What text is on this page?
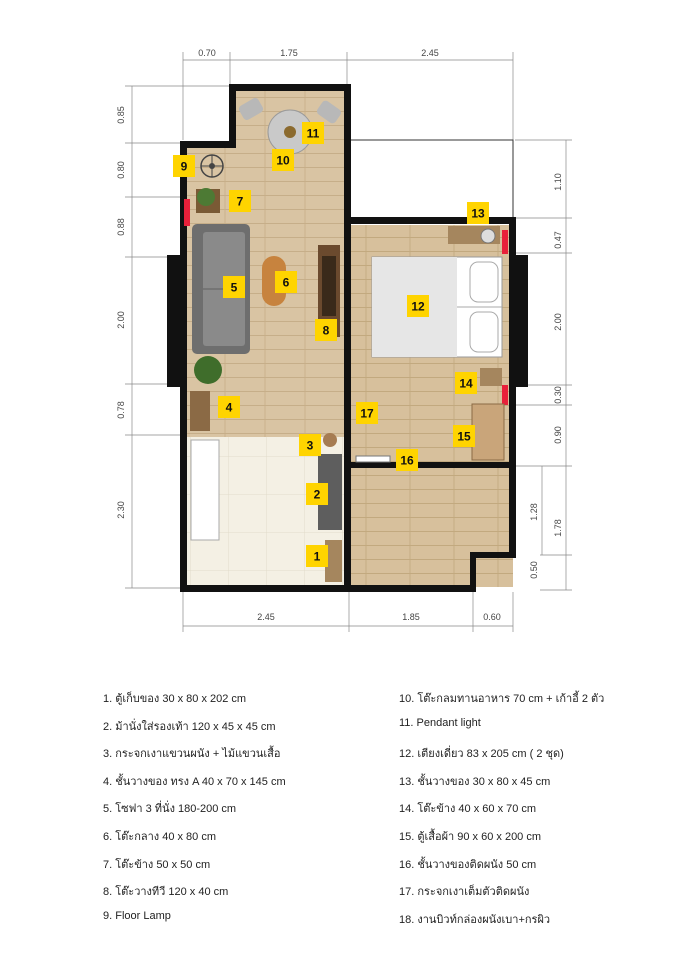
0.70	1.75	2.45
0.85
0.80
0.88
2.00
0.78
2.30
1.10
0.47
2.00
0.30
0.90
1.28
1.78
0.50
2.45	1.85	0.60
1
2
3
4
5	6
7
8
9	10
11
12
13
14
15
16
17
1. ตู้เก็บของ 30 x 80 x 202 cm
2. ม้านั่งใส่รองเท้า 120 x 45 x 45 cm
3. กระจกเงาแขวนผนัง + ไม้แขวนเสื้อ
4. ชั้นวางของ ทรง A 40 x 70 x 145 cm
5. โซฟา 3 ที่นั่ง 180-200 cm
6. โต๊ะกลาง 40 x 80 cm
7. โต๊ะข้าง 50 x 50 cm
8. โต๊ะวางทีวี 120 x 40 cm
9. Floor Lamp
10. โต๊ะกลมทานอาหาร 70 cm + เก้าอี้ 2 ตัว
11. Pendant light
12. เตียงเดี่ยว 83 x 205 cm ( 2 ชุด)
13. ชั้นวางของ 30 x 80 x 45 cm
14. โต๊ะข้าง 40 x 60 x 70 cm
15. ตู้เสื้อผ้า 90 x 60 x 200 cm
16. ชั้นวางของติดผนัง 50 cm
17. กระจกเงาเต็มตัวติดผนัง
18. งานบิวท์กล่องผนังเบา+กรผิว
